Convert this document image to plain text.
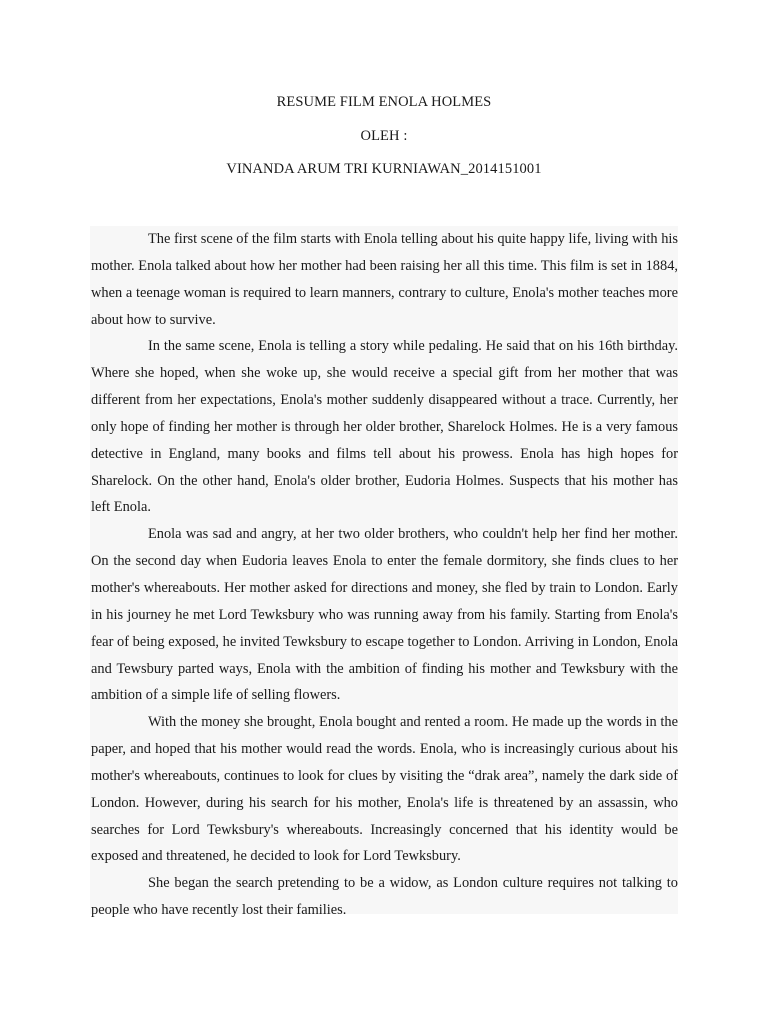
RESUME FILM ENOLA HOLMES
OLEH :
VINANDA ARUM TRI KURNIAWAN_2014151001

The first scene of the film starts with Enola telling about his quite happy life, living with his mother. Enola talked about how her mother had been raising her all this time. This film is set in 1884, when a teenage woman is required to learn manners, contrary to culture, Enola's mother teaches more about how to survive.

In the same scene, Enola is telling a story while pedaling. He said that on his 16th birthday. Where she hoped, when she woke up, she would receive a special gift from her mother that was different from her expectations, Enola's mother suddenly disappeared without a trace. Currently, her only hope of finding her mother is through her older brother, Sharelock Holmes. He is a very famous detective in England, many books and films tell about his prowess. Enola has high hopes for Sharelock. On the other hand, Enola's older brother, Eudoria Holmes. Suspects that his mother has left Enola.

Enola was sad and angry, at her two older brothers, who couldn't help her find her mother. On the second day when Eudoria leaves Enola to enter the female dormitory, she finds clues to her mother's whereabouts. Her mother asked for directions and money, she fled by train to London. Early in his journey he met Lord Tewksbury who was running away from his family. Starting from Enola's fear of being exposed, he invited Tewksbury to escape together to London. Arriving in London, Enola and Tewsbury parted ways, Enola with the ambition of finding his mother and Tewksbury with the ambition of a simple life of selling flowers.

With the money she brought, Enola bought and rented a room. He made up the words in the paper, and hoped that his mother would read the words. Enola, who is increasingly curious about his mother's whereabouts, continues to look for clues by visiting the “drak area”, namely the dark side of London. However, during his search for his mother, Enola's life is threatened by an assassin, who searches for Lord Tewksbury's whereabouts. Increasingly concerned that his identity would be exposed and threatened, he decided to look for Lord Tewksbury.

She began the search pretending to be a widow, as London culture requires not talking to people who have recently lost their families.
